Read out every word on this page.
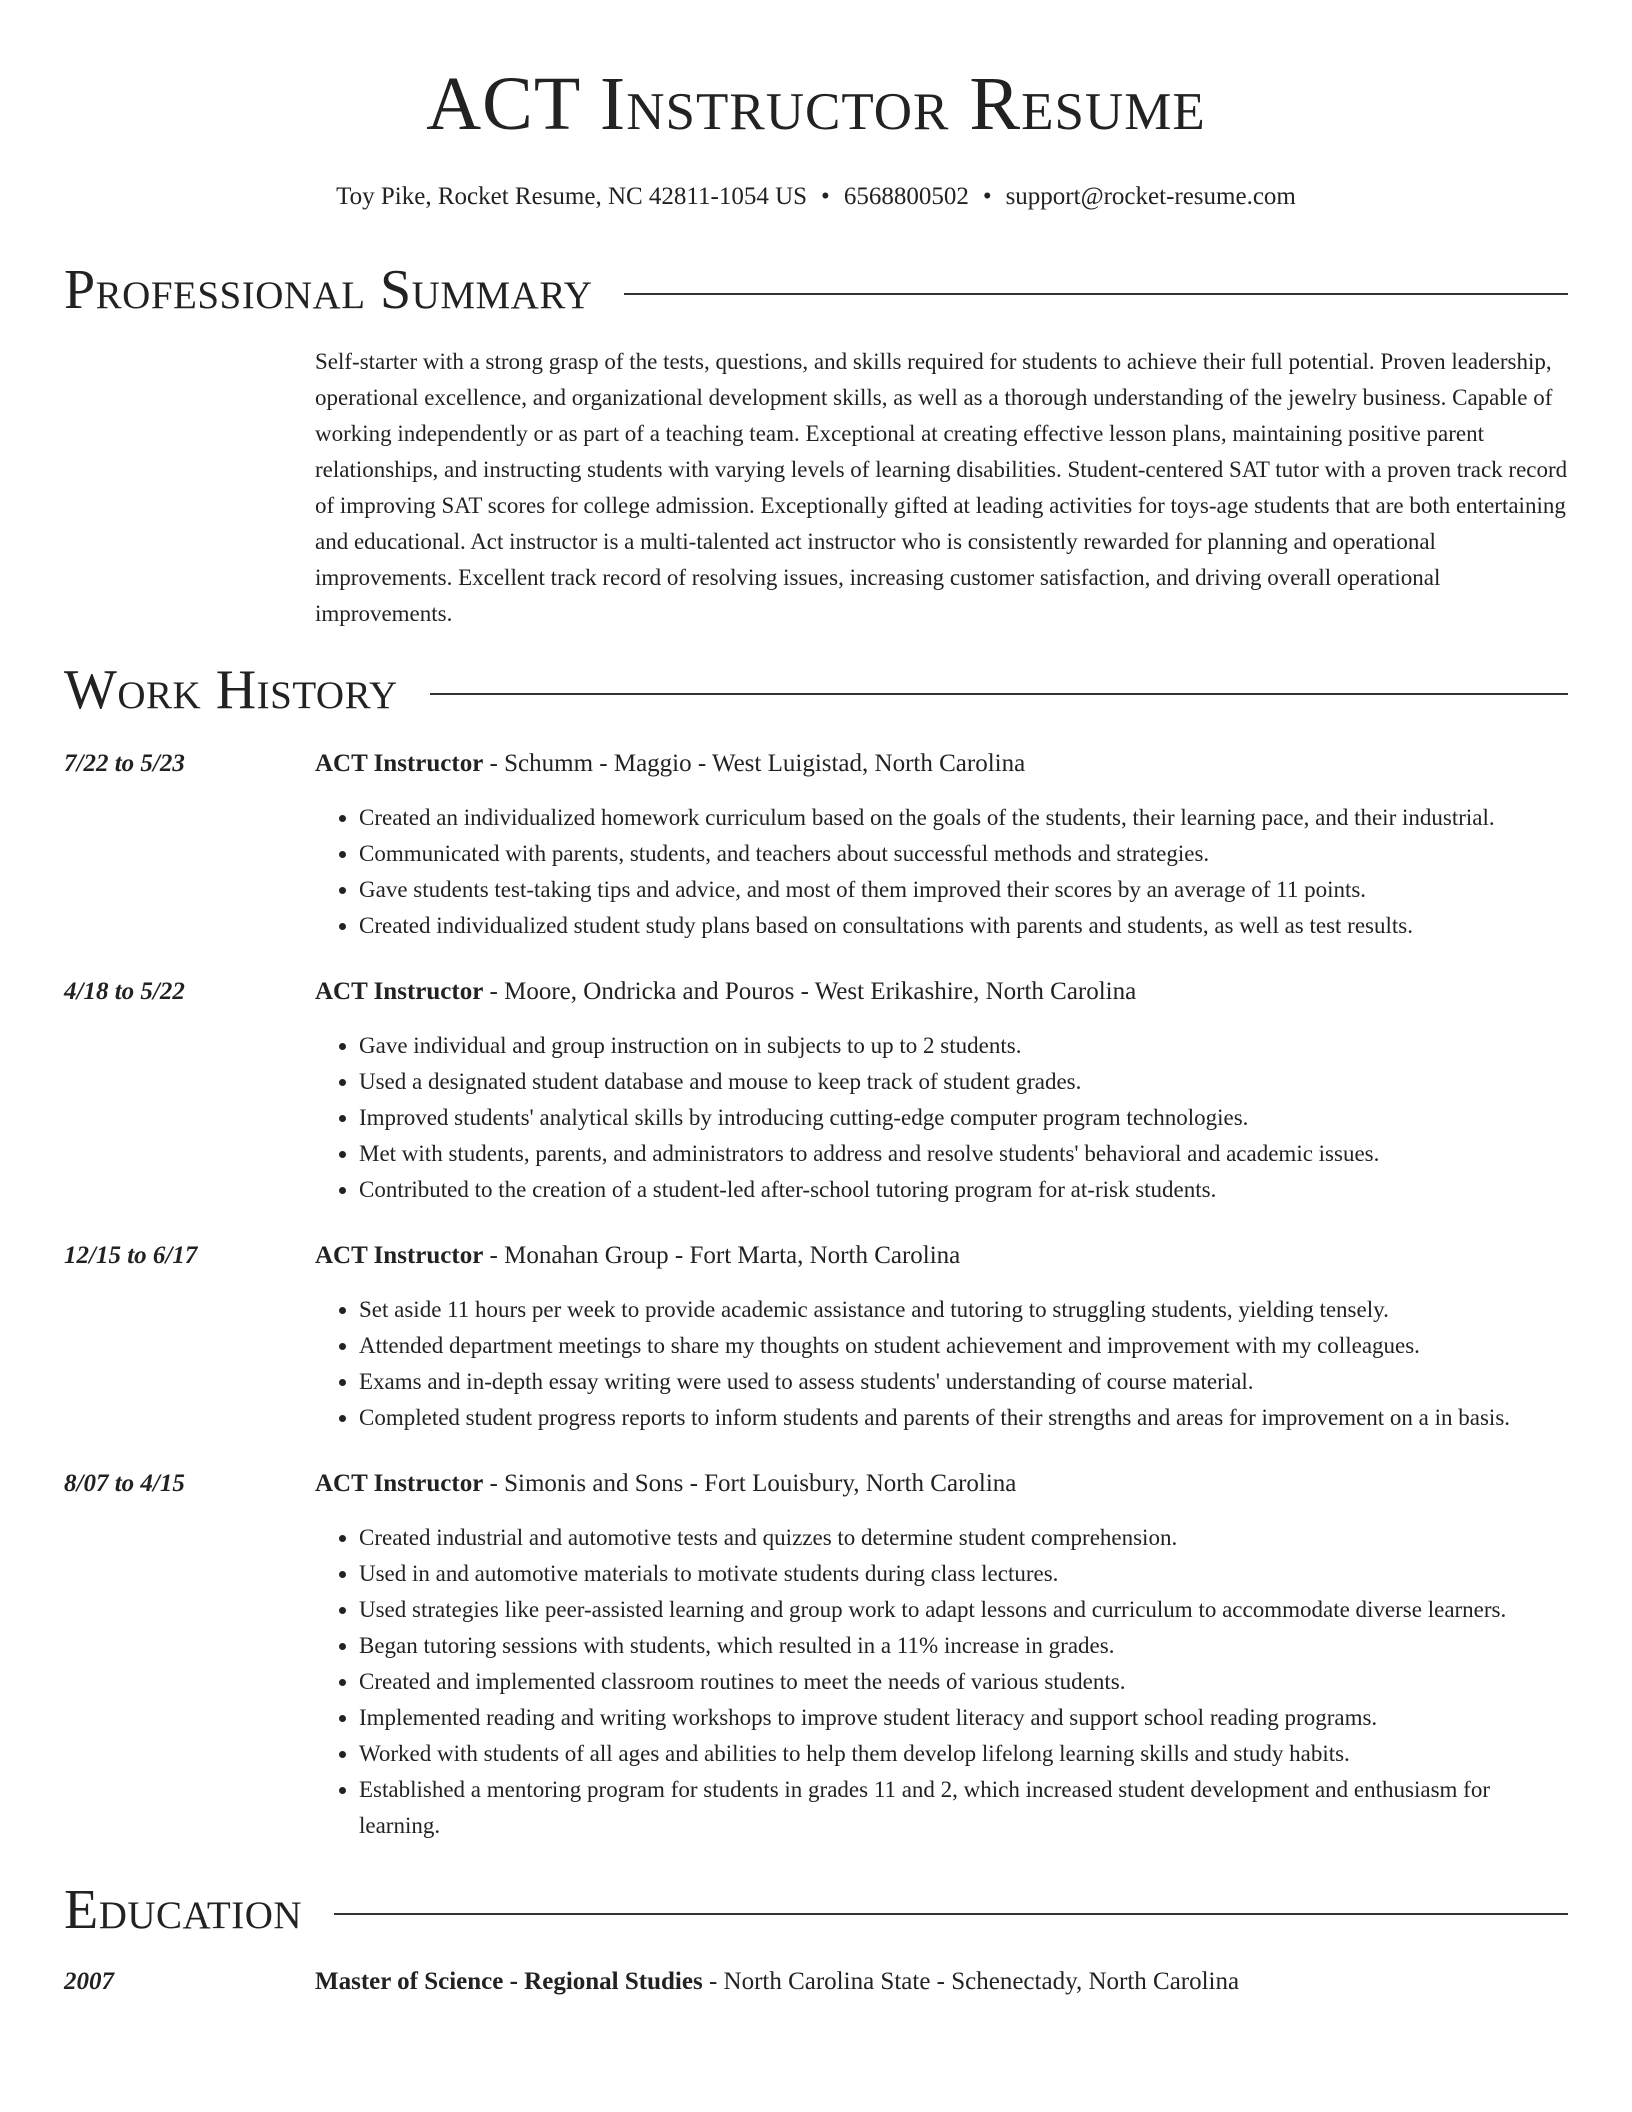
ACT Instructor Resume
Toy Pike, Rocket Resume, NC 42811-1054 US • 6568800502 • support@rocket-resume.com
Professional Summary

Self-starter with a strong grasp of the tests, questions, and skills required for students to achieve their full potential. Proven leadership, operational excellence, and organizational development skills, as well as a thorough understanding of the jewelry business. Capable of working independently or as part of a teaching team. Exceptional at creating effective lesson plans, maintaining positive parent relationships, and instructing students with varying levels of learning disabilities. Student-centered SAT tutor with a proven track record of improving SAT scores for college admission. Exceptionally gifted at leading activities for toys-age students that are both entertaining and educational. Act instructor is a multi-talented act instructor who is consistently rewarded for planning and operational improvements. Excellent track record of resolving issues, increasing customer satisfaction, and driving overall operational improvements.

Work History
7/22 to 5/23	ACT Instructor - Schumm - Maggio - West Luigistad, North Carolina
• Created an individualized homework curriculum based on the goals of the students, their learning pace, and their industrial.
• Communicated with parents, students, and teachers about successful methods and strategies.
• Gave students test-taking tips and advice, and most of them improved their scores by an average of 11 points.
• Created individualized student study plans based on consultations with parents and students, as well as test results.
4/18 to 5/22	ACT Instructor - Moore, Ondricka and Pouros - West Erikashire, North Carolina
• Gave individual and group instruction on in subjects to up to 2 students.
• Used a designated student database and mouse to keep track of student grades.
• Improved students' analytical skills by introducing cutting-edge computer program technologies.
• Met with students, parents, and administrators to address and resolve students' behavioral and academic issues.
• Contributed to the creation of a student-led after-school tutoring program for at-risk students.
12/15 to 6/17	ACT Instructor - Monahan Group - Fort Marta, North Carolina
• Set aside 11 hours per week to provide academic assistance and tutoring to struggling students, yielding tensely.
• Attended department meetings to share my thoughts on student achievement and improvement with my colleagues.
• Exams and in-depth essay writing were used to assess students' understanding of course material.
• Completed student progress reports to inform students and parents of their strengths and areas for improvement on a in basis.
8/07 to 4/15	ACT Instructor - Simonis and Sons - Fort Louisbury, North Carolina
• Created industrial and automotive tests and quizzes to determine student comprehension.
• Used in and automotive materials to motivate students during class lectures.
• Used strategies like peer-assisted learning and group work to adapt lessons and curriculum to accommodate diverse learners.
• Began tutoring sessions with students, which resulted in a 11% increase in grades.
• Created and implemented classroom routines to meet the needs of various students.
• Implemented reading and writing workshops to improve student literacy and support school reading programs.
• Worked with students of all ages and abilities to help them develop lifelong learning skills and study habits.
• Established a mentoring program for students in grades 11 and 2, which increased student development and enthusiasm for learning.
Education
2007	Master of Science - Regional Studies - North Carolina State - Schenectady, North Carolina
